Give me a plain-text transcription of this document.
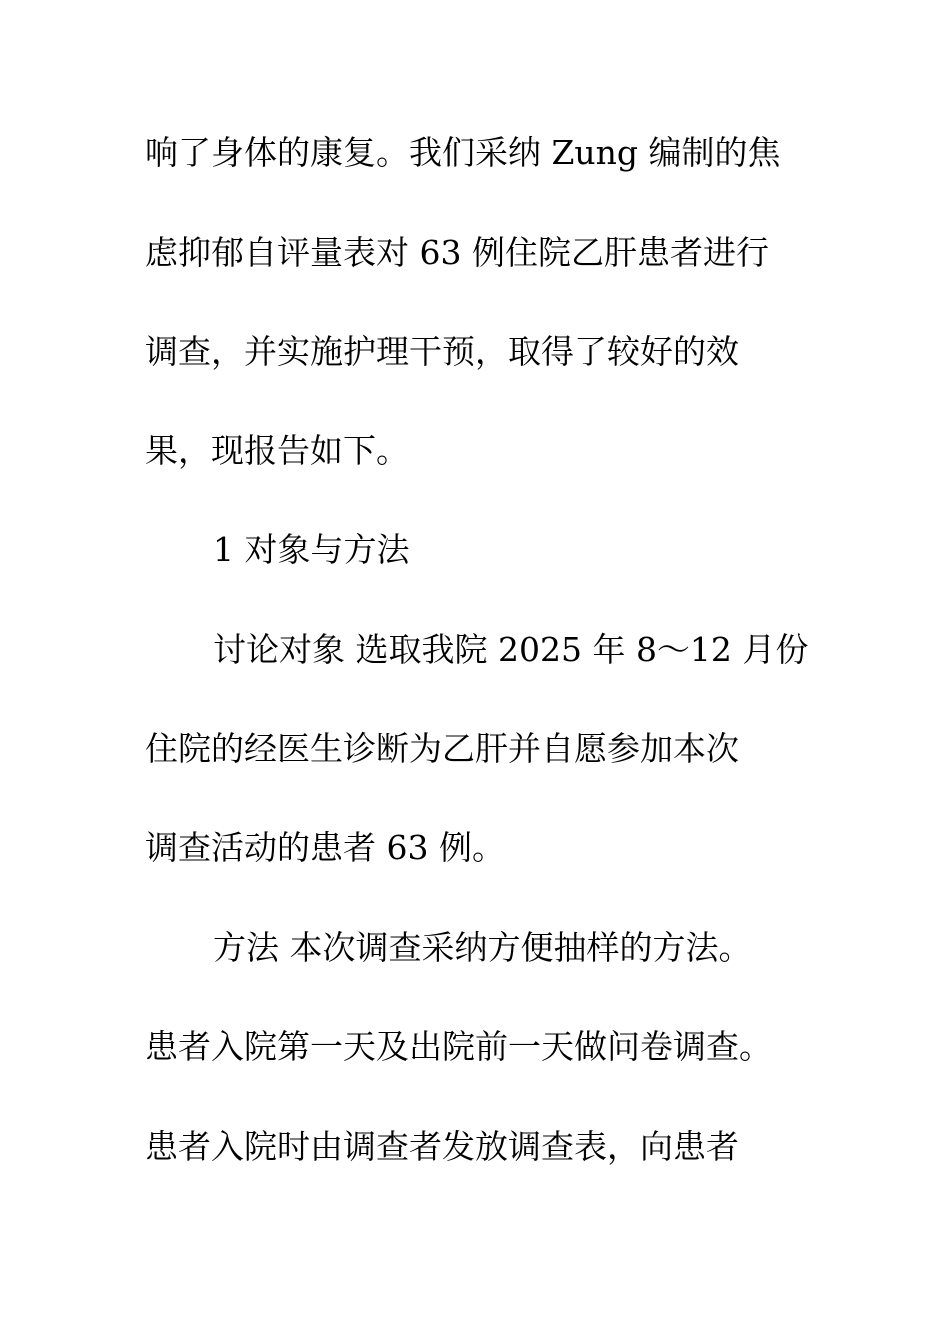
响了身体的康复。我们采纳 Zung 编制的焦
虑抑郁自评量表对 63 例住院乙肝患者进行
调查，并实施护理干预，取得了较好的效
果，现报告如下。
1 对象与方法
讨论对象 选取我院 2025 年 8～12 月份
住院的经医生诊断为乙肝并自愿参加本次
调查活动的患者 63 例。
方法 本次调查采纳方便抽样的方法。
患者入院第一天及出院前一天做问卷调查。
患者入院时由调查者发放调查表，向患者
